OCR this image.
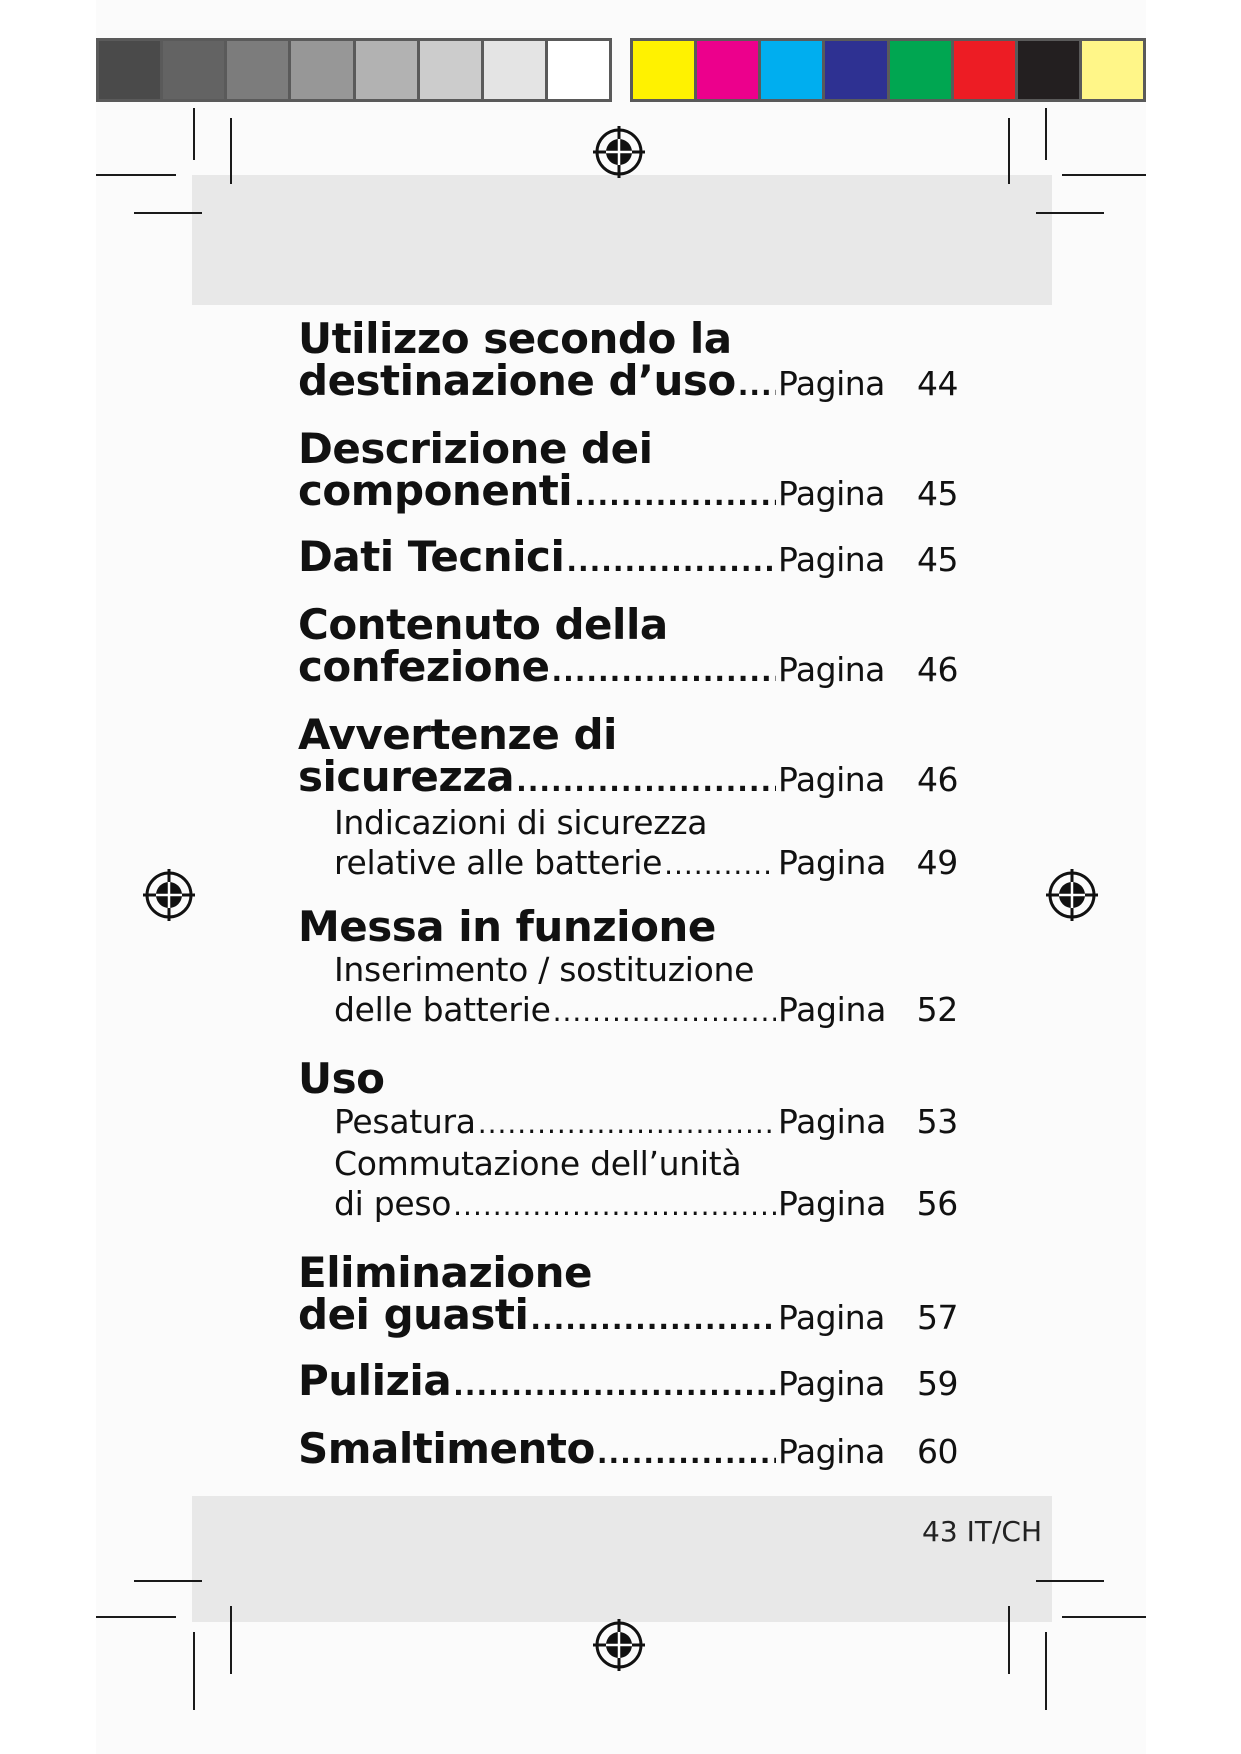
Utilizzo secondo la
destinazione d’uso ..... Pagina 44
Descrizione dei
componenti .....	Pagina 45
Dati Tecnici .....	Pagina 45
Contenuto della
confezione .....	Pagina 46
Avvertenze di
sicurezza .....	Pagina 46
Indicazioni di sicurezza
relative alle batterie .....	Pagina 49
Messa in funzione
Inserimento / sostituzione
delle batterie .....	Pagina 52
Uso
Pesatura .....	Pagina 53
Commutazione dell’unità
di peso .....	Pagina 56
Eliminazione
dei guasti .....	Pagina 57
Pulizia .....	Pagina 59
Smaltimento .....	Pagina 60
43 IT/CH
